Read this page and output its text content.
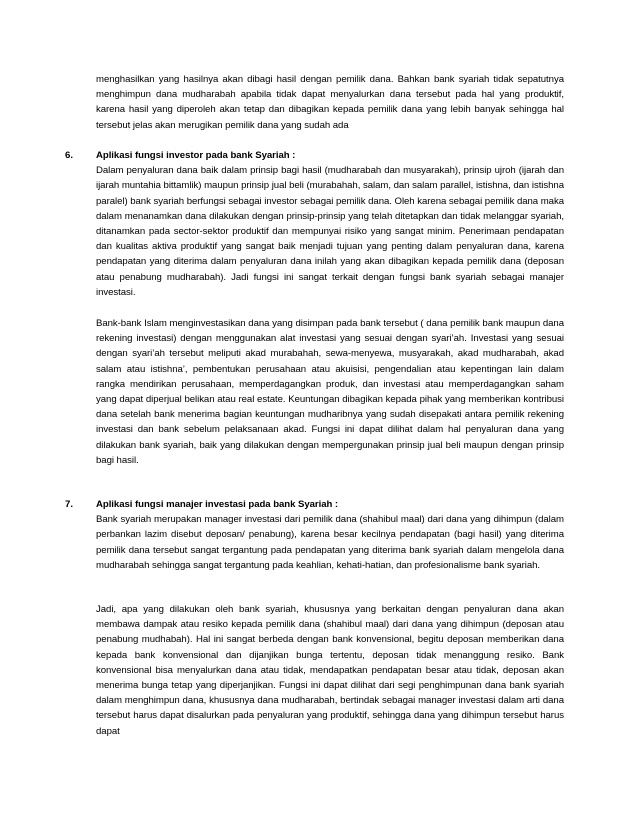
menghasilkan yang hasilnya akan dibagi hasil dengan pemilik dana. Bahkan bank syariah tidak sepatutnya menghimpun dana mudharabah apabila tidak dapat menyalurkan dana tersebut pada hal yang produktif, karena hasil yang diperoleh akan tetap dan dibagikan kepada pemilik dana yang lebih banyak sehingga hal tersebut jelas akan merugikan pemilik dana yang sudah ada

6. Aplikasi fungsi investor pada bank Syariah :

Dalam penyaluran dana baik dalam prinsip bagi hasil (mudharabah dan musyarakah), prinsip ujroh (ijarah dan ijarah muntahia bittamlik) maupun prinsip jual beli (murabahah, salam, dan salam parallel, istishna, dan istishna paralel) bank syariah berfungsi sebagai investor sebagai pemilik dana. Oleh karena sebagai pemilik dana maka dalam menanamkan dana dilakukan dengan prinsip-prinsip yang telah ditetapkan dan tidak melanggar syariah, ditanamkan pada sector-sektor produktif dan mempunyai risiko yang sangat minim. Penerimaan pendapatan dan kualitas aktiva produktif yang sangat baik menjadi tujuan yang penting dalam penyaluran dana, karena pendapatan yang diterima dalam penyaluran dana inilah yang akan dibagikan kepada pemilik dana (deposan atau penabung mudharabah). Jadi fungsi ini sangat terkait dengan fungsi bank syariah sebagai manajer investasi.

Bank-bank Islam menginvestasikan dana yang disimpan pada bank tersebut ( dana pemilik bank maupun dana rekening investasi) dengan menggunakan alat investasi yang sesuai dengan syari’ah. Investasi yang sesuai dengan syari’ah tersebut meliputi akad murabahah, sewa-menyewa, musyarakah, akad mudharabah, akad salam atau istishna’, pembentukan perusahaan atau akuisisi, pengendalian atau kepentingan lain dalam rangka mendirikan perusahaan, memperdagangkan produk, dan investasi atau memperdagangkan saham yang dapat diperjual belikan atau real estate. Keuntungan dibagikan kepada pihak yang memberikan kontribusi dana setelah bank menerima bagian keuntungan mudharibnya yang sudah disepakati antara pemilik rekening investasi dan bank sebelum pelaksanaan akad. Fungsi ini dapat dilihat dalam hal penyaluran dana yang dilakukan bank syariah, baik yang dilakukan dengan mempergunakan prinsip jual beli maupun dengan prinsip bagi hasil.

7. Aplikasi fungsi manajer investasi pada bank Syariah :

Bank syariah merupakan manager investasi dari pemilik dana (shahibul maal) dari dana yang dihimpun (dalam perbankan lazim disebut deposan/ penabung), karena besar kecilnya pendapatan (bagi hasil) yang diterima pemilik dana tersebut sangat tergantung pada pendapatan yang diterima bank syariah dalam mengelola dana mudharabah sehingga sangat tergantung pada keahlian, kehati-hatian, dan profesionalisme bank syariah.

Jadi, apa yang dilakukan oleh bank syariah, khususnya yang berkaitan dengan penyaluran dana akan membawa dampak atau resiko kepada pemilik dana (shahibul maal) dari dana yang dihimpun (deposan atau penabung mudhabah). Hal ini sangat berbeda dengan bank konvensional, begitu deposan memberikan dana kepada bank konvensional dan dijanjikan bunga tertentu, deposan tidak menanggung resiko. Bank konvensional bisa menyalurkan dana atau tidak, mendapatkan pendapatan besar atau tidak, deposan akan menerima bunga tetap yang diperjanjikan. Fungsi ini dapat dilihat dari segi penghimpunan dana bank syariah dalam menghimpun dana, khususnya dana mudharabah, bertindak sebagai manager investasi dalam arti dana tersebut harus dapat disalurkan pada penyaluran yang produktif, sehingga dana yang dihimpun tersebut harus dapat
